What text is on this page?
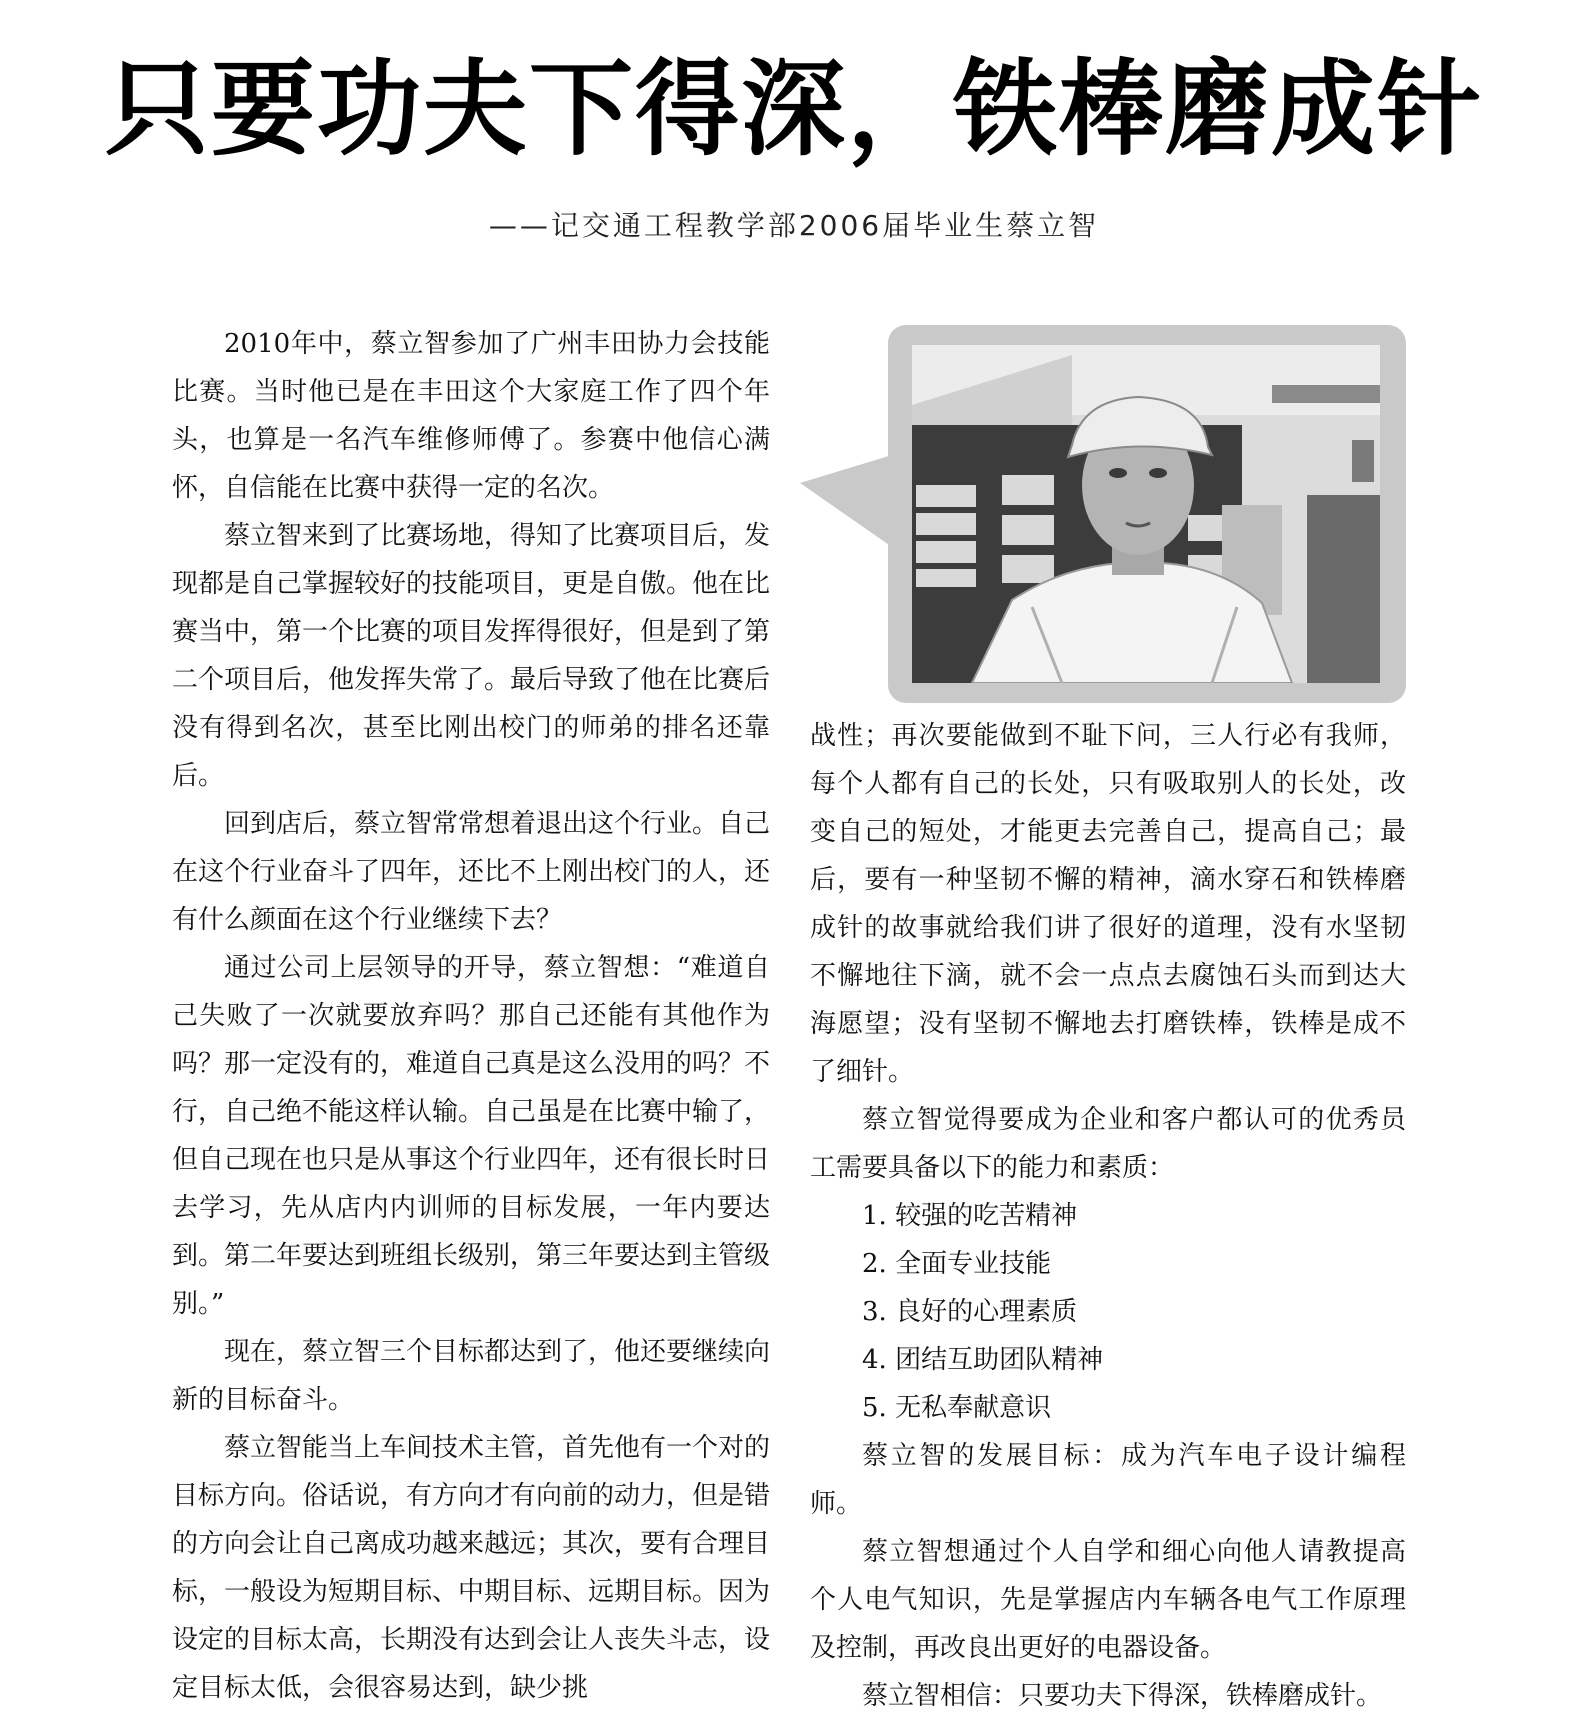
只要功夫下得深，铁棒磨成针
——记交通工程教学部2006届毕业生蔡立智

2010年中，蔡立智参加了广州丰田协力会技能比赛。当时他已是在丰田这个大家庭工作了四个年头，也算是一名汽车维修师傅了。参赛中他信心满怀，自信能在比赛中获得一定的名次。

蔡立智来到了比赛场地，得知了比赛项目后，发现都是自己掌握较好的技能项目，更是自傲。他在比赛当中，第一个比赛的项目发挥得很好，但是到了第二个项目后，他发挥失常了。最后导致了他在比赛后没有得到名次，甚至比刚出校门的师弟的排名还靠后。

回到店后，蔡立智常常想着退出这个行业。自己在这个行业奋斗了四年，还比不上刚出校门的人，还有什么颜面在这个行业继续下去？

通过公司上层领导的开导，蔡立智想：“难道自己失败了一次就要放弃吗？那自己还能有其他作为吗？那一定没有的，难道自己真是这么没用的吗？不行，自己绝不能这样认输。自己虽是在比赛中输了，但自己现在也只是从事这个行业四年，还有很长时日去学习，先从店内内训师的目标发展，一年内要达到。第二年要达到班组长级别，第三年要达到主管级别。”

现在，蔡立智三个目标都达到了，他还要继续向新的目标奋斗。

蔡立智能当上车间技术主管，首先他有一个对的目标方向。俗话说，有方向才有向前的动力，但是错的方向会让自己离成功越来越远；其次，要有合理目标，一般设为短期目标、中期目标、远期目标。因为设定的目标太高，长期没有达到会让人丧失斗志，设定目标太低，会很容易达到，缺少挑

战性；再次要能做到不耻下问，三人行必有我师，每个人都有自己的长处，只有吸取别人的长处，改变自己的短处，才能更去完善自己，提高自己；最后，要有一种坚韧不懈的精神，滴水穿石和铁棒磨成针的故事就给我们讲了很好的道理，没有水坚韧不懈地往下滴，就不会一点点去腐蚀石头而到达大海愿望；没有坚韧不懈地去打磨铁棒，铁棒是成不了细针。

蔡立智觉得要成为企业和客户都认可的优秀员工需要具备以下的能力和素质：

1. 较强的吃苦精神

2. 全面专业技能

3. 良好的心理素质

4. 团结互助团队精神

5. 无私奉献意识

蔡立智的发展目标：成为汽车电子设计编程师。

蔡立智想通过个人自学和细心向他人请教提高个人电气知识，先是掌握店内车辆各电气工作原理及控制，再改良出更好的电器设备。

蔡立智相信：只要功夫下得深，铁棒磨成针。
